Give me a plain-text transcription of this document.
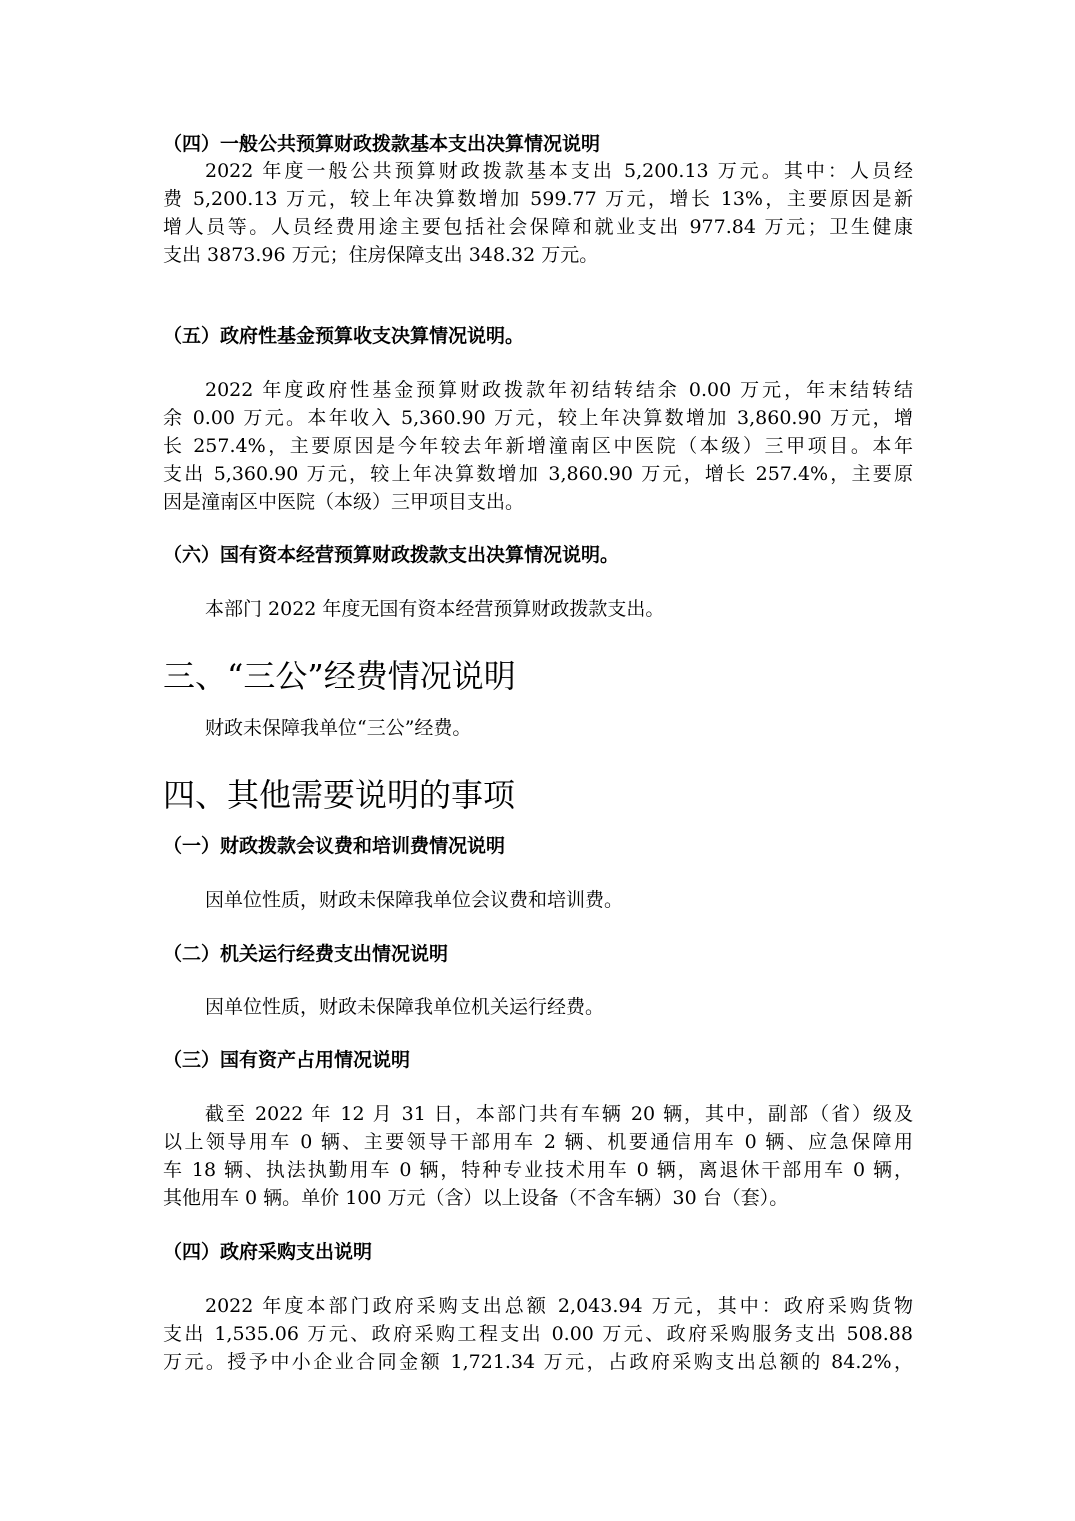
（四）一般公共预算财政拨款基本支出决算情况说明
2022 年度一般公共预算财政拨款基本支出 5,200.13 万元。其中：人员经
费 5,200.13 万元，较上年决算数增加 599.77 万元，增长 13%，主要原因是新
增人员等。人员经费用途主要包括社会保障和就业支出 977.84 万元；卫生健康
支出 3873.96 万元；住房保障支出 348.32 万元。
（五）政府性基金预算收支决算情况说明。
2022 年度政府性基金预算财政拨款年初结转结余 0.00 万元，年末结转结
余 0.00 万元。本年收入 5,360.90 万元，较上年决算数增加 3,860.90 万元，增
长 257.4%，主要原因是今年较去年新增潼南区中医院（本级）三甲项目。本年
支出 5,360.90 万元，较上年决算数增加 3,860.90 万元，增长 257.4%，主要原
因是潼南区中医院（本级）三甲项目支出。
（六）国有资本经营预算财政拨款支出决算情况说明。
本部门 2022 年度无国有资本经营预算财政拨款支出。
三、“三公”经费情况说明
财政未保障我单位“三公”经费。
四、其他需要说明的事项
（一）财政拨款会议费和培训费情况说明
因单位性质，财政未保障我单位会议费和培训费。
（二）机关运行经费支出情况说明
因单位性质，财政未保障我单位机关运行经费。
（三）国有资产占用情况说明
截至 2022 年 12 月 31 日，本部门共有车辆 20 辆，其中，副部（省）级及
以上领导用车 0 辆、主要领导干部用车 2 辆、机要通信用车 0 辆、应急保障用
车 18 辆、执法执勤用车 0 辆，特种专业技术用车 0 辆，离退休干部用车 0 辆，
其他用车 0 辆。单价 100 万元（含）以上设备（不含车辆）30 台（套）。
（四）政府采购支出说明
2022 年度本部门政府采购支出总额 2,043.94 万元，其中：政府采购货物
支出 1,535.06 万元、政府采购工程支出 0.00 万元、政府采购服务支出 508.88
万元。授予中小企业合同金额 1,721.34 万元，占政府采购支出总额的 84.2%，
